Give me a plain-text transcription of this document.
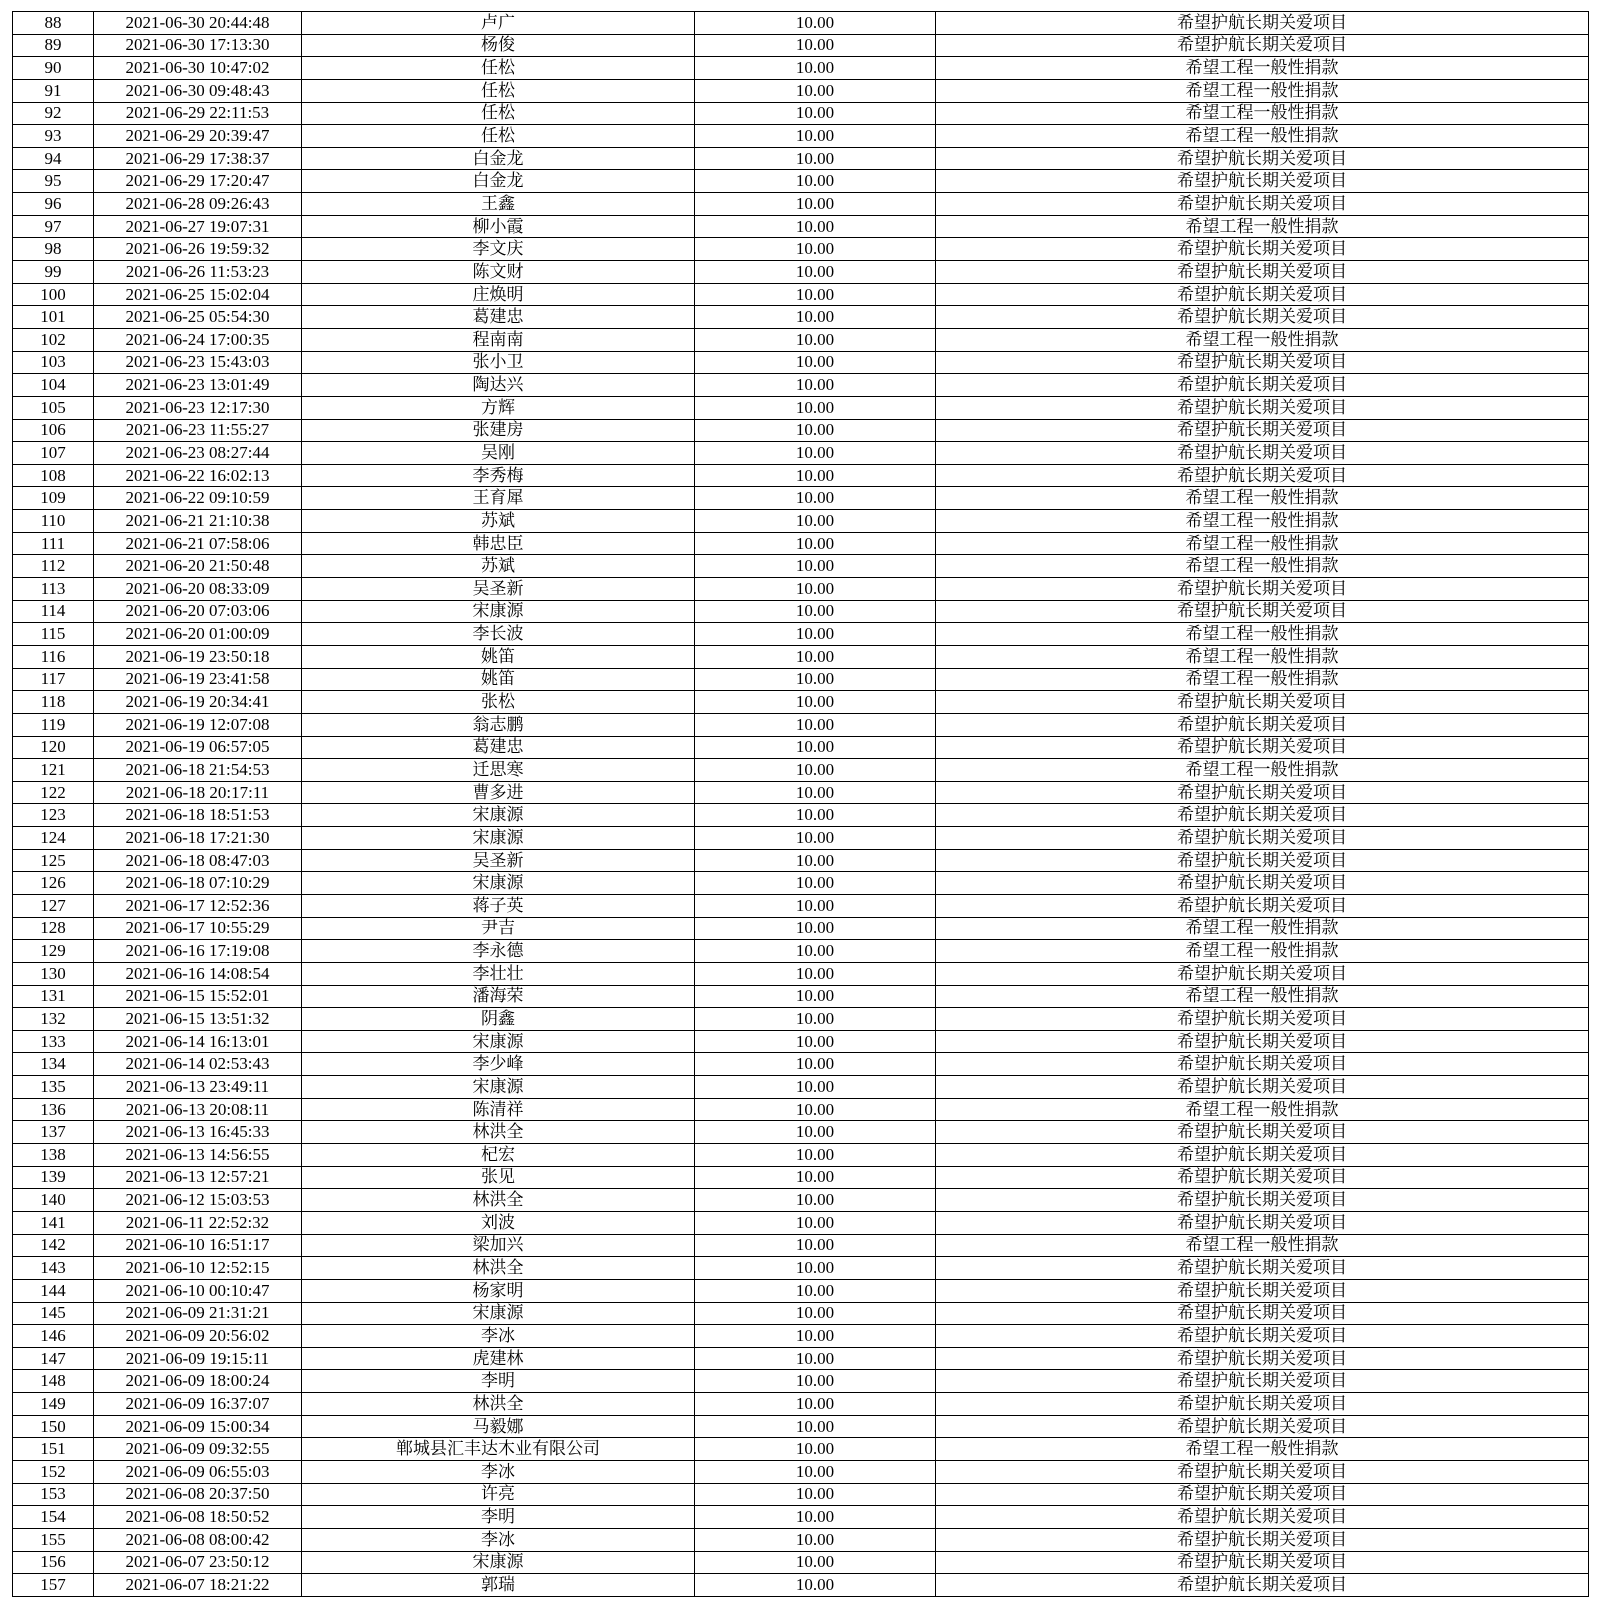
88	2021-06-30 20:44:48	卢广	10.00	希望护航长期关爱项目
89	2021-06-30 17:13:30	杨俊	10.00	希望护航长期关爱项目
90	2021-06-30 10:47:02	任松	10.00	希望工程一般性捐款
91	2021-06-30 09:48:43	任松	10.00	希望工程一般性捐款
92	2021-06-29 22:11:53	任松	10.00	希望工程一般性捐款
93	2021-06-29 20:39:47	任松	10.00	希望工程一般性捐款
94	2021-06-29 17:38:37	白金龙	10.00	希望护航长期关爱项目
95	2021-06-29 17:20:47	白金龙	10.00	希望护航长期关爱项目
96	2021-06-28 09:26:43	王鑫	10.00	希望护航长期关爱项目
97	2021-06-27 19:07:31	柳小霞	10.00	希望工程一般性捐款
98	2021-06-26 19:59:32	李文庆	10.00	希望护航长期关爱项目
99	2021-06-26 11:53:23	陈文财	10.00	希望护航长期关爱项目
100	2021-06-25 15:02:04	庄焕明	10.00	希望护航长期关爱项目
101	2021-06-25 05:54:30	葛建忠	10.00	希望护航长期关爱项目
102	2021-06-24 17:00:35	程南南	10.00	希望工程一般性捐款
103	2021-06-23 15:43:03	张小卫	10.00	希望护航长期关爱项目
104	2021-06-23 13:01:49	陶达兴	10.00	希望护航长期关爱项目
105	2021-06-23 12:17:30	方辉	10.00	希望护航长期关爱项目
106	2021-06-23 11:55:27	张建房	10.00	希望护航长期关爱项目
107	2021-06-23 08:27:44	吴刚	10.00	希望护航长期关爱项目
108	2021-06-22 16:02:13	李秀梅	10.00	希望护航长期关爱项目
109	2021-06-22 09:10:59	王育犀	10.00	希望工程一般性捐款
110	2021-06-21 21:10:38	苏斌	10.00	希望工程一般性捐款
111	2021-06-21 07:58:06	韩忠臣	10.00	希望工程一般性捐款
112	2021-06-20 21:50:48	苏斌	10.00	希望工程一般性捐款
113	2021-06-20 08:33:09	吴圣新	10.00	希望护航长期关爱项目
114	2021-06-20 07:03:06	宋康源	10.00	希望护航长期关爱项目
115	2021-06-20 01:00:09	李长波	10.00	希望工程一般性捐款
116	2021-06-19 23:50:18	姚笛	10.00	希望工程一般性捐款
117	2021-06-19 23:41:58	姚笛	10.00	希望工程一般性捐款
118	2021-06-19 20:34:41	张松	10.00	希望护航长期关爱项目
119	2021-06-19 12:07:08	翁志鹏	10.00	希望护航长期关爱项目
120	2021-06-19 06:57:05	葛建忠	10.00	希望护航长期关爱项目
121	2021-06-18 21:54:53	迁思寒	10.00	希望工程一般性捐款
122	2021-06-18 20:17:11	曹多进	10.00	希望护航长期关爱项目
123	2021-06-18 18:51:53	宋康源	10.00	希望护航长期关爱项目
124	2021-06-18 17:21:30	宋康源	10.00	希望护航长期关爱项目
125	2021-06-18 08:47:03	吴圣新	10.00	希望护航长期关爱项目
126	2021-06-18 07:10:29	宋康源	10.00	希望护航长期关爱项目
127	2021-06-17 12:52:36	蒋子英	10.00	希望护航长期关爱项目
128	2021-06-17 10:55:29	尹吉	10.00	希望工程一般性捐款
129	2021-06-16 17:19:08	李永德	10.00	希望工程一般性捐款
130	2021-06-16 14:08:54	李壮壮	10.00	希望护航长期关爱项目
131	2021-06-15 15:52:01	潘海荣	10.00	希望工程一般性捐款
132	2021-06-15 13:51:32	阴鑫	10.00	希望护航长期关爱项目
133	2021-06-14 16:13:01	宋康源	10.00	希望护航长期关爱项目
134	2021-06-14 02:53:43	李少峰	10.00	希望护航长期关爱项目
135	2021-06-13 23:49:11	宋康源	10.00	希望护航长期关爱项目
136	2021-06-13 20:08:11	陈清祥	10.00	希望工程一般性捐款
137	2021-06-13 16:45:33	林洪全	10.00	希望护航长期关爱项目
138	2021-06-13 14:56:55	杞宏	10.00	希望护航长期关爱项目
139	2021-06-13 12:57:21	张见	10.00	希望护航长期关爱项目
140	2021-06-12 15:03:53	林洪全	10.00	希望护航长期关爱项目
141	2021-06-11 22:52:32	刘波	10.00	希望护航长期关爱项目
142	2021-06-10 16:51:17	梁加兴	10.00	希望工程一般性捐款
143	2021-06-10 12:52:15	林洪全	10.00	希望护航长期关爱项目
144	2021-06-10 00:10:47	杨家明	10.00	希望护航长期关爱项目
145	2021-06-09 21:31:21	宋康源	10.00	希望护航长期关爱项目
146	2021-06-09 20:56:02	李冰	10.00	希望护航长期关爱项目
147	2021-06-09 19:15:11	虎建林	10.00	希望护航长期关爱项目
148	2021-06-09 18:00:24	李明	10.00	希望护航长期关爱项目
149	2021-06-09 16:37:07	林洪全	10.00	希望护航长期关爱项目
150	2021-06-09 15:00:34	马毅娜	10.00	希望护航长期关爱项目
151	2021-06-09 09:32:55	郸城县汇丰达木业有限公司	10.00	希望工程一般性捐款
152	2021-06-09 06:55:03	李冰	10.00	希望护航长期关爱项目
153	2021-06-08 20:37:50	许亮	10.00	希望护航长期关爱项目
154	2021-06-08 18:50:52	李明	10.00	希望护航长期关爱项目
155	2021-06-08 08:00:42	李冰	10.00	希望护航长期关爱项目
156	2021-06-07 23:50:12	宋康源	10.00	希望护航长期关爱项目
157	2021-06-07 18:21:22	郭瑞	10.00	希望护航长期关爱项目
